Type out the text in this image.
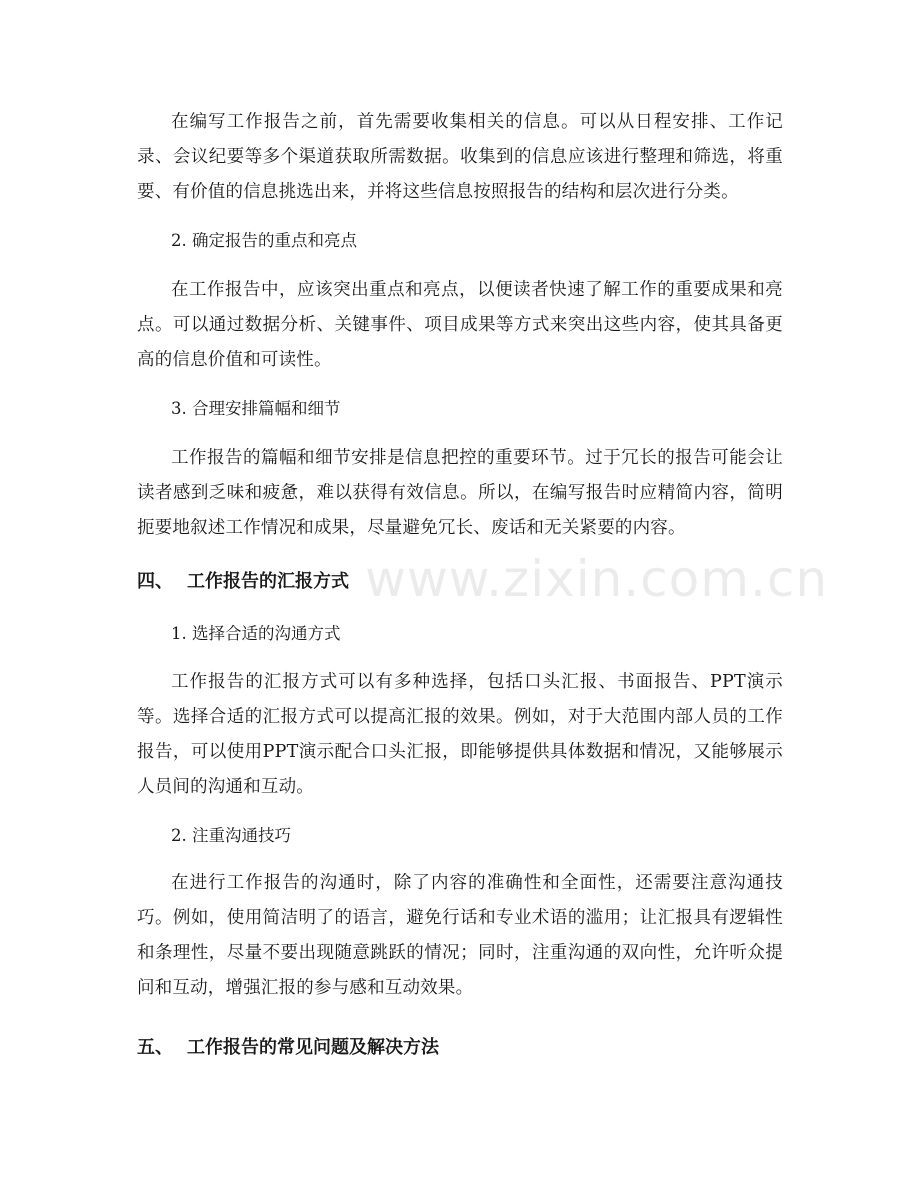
在编写工作报告之前，首先需要收集相关的信息。可以从日程安排、工作记录、会议纪要等多个渠道获取所需数据。收集到的信息应该进行整理和筛选，将重要、有价值的信息挑选出来，并将这些信息按照报告的结构和层次进行分类。

2. 确定报告的重点和亮点

在工作报告中，应该突出重点和亮点，以便读者快速了解工作的重要成果和亮点。可以通过数据分析、关键事件、项目成果等方式来突出这些内容，使其具备更高的信息价值和可读性。

3. 合理安排篇幅和细节

工作报告的篇幅和细节安排是信息把控的重要环节。过于冗长的报告可能会让读者感到乏味和疲惫，难以获得有效信息。所以，在编写报告时应精简内容，简明扼要地叙述工作情况和成果，尽量避免冗长、废话和无关紧要的内容。

四、 工作报告的汇报方式

1. 选择合适的沟通方式

工作报告的汇报方式可以有多种选择，包括口头汇报、书面报告、PPT演示等。选择合适的汇报方式可以提高汇报的效果。例如，对于大范围内部人员的工作报告，可以使用PPT演示配合口头汇报，即能够提供具体数据和情况，又能够展示人员间的沟通和互动。

2. 注重沟通技巧

在进行工作报告的沟通时，除了内容的准确性和全面性，还需要注意沟通技巧。例如，使用简洁明了的语言，避免行话和专业术语的滥用；让汇报具有逻辑性和条理性，尽量不要出现随意跳跃的情况；同时，注重沟通的双向性，允许听众提问和互动，增强汇报的参与感和互动效果。

五、 工作报告的常见问题及解决方法
www.zixin.com.cn
